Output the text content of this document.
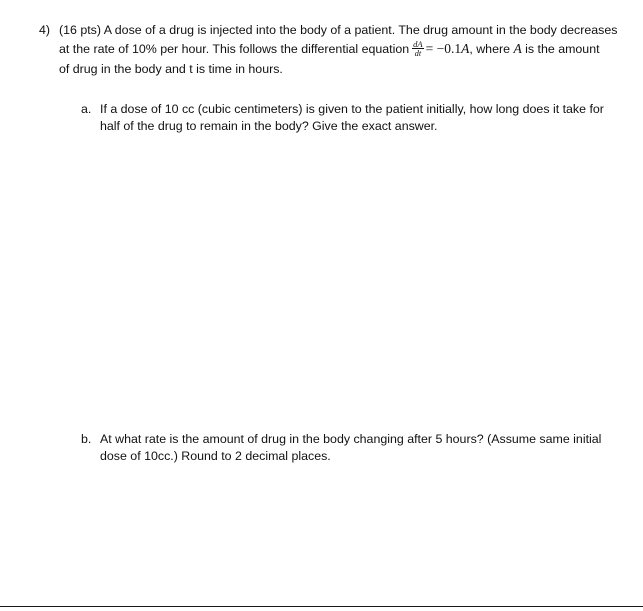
4) (16 pts) A dose of a drug is injected into the body of a patient. The drug amount in the body decreases
at the rate of 10% per hour. This follows the differential equation $\frac{dA}{dt} = -0.1A$, where A is the amount
of drug in the body and t is time in hours.
a. If a dose of 10 cc (cubic centimeters) is given to the patient initially, how long does it take for
half of the drug to remain in the body? Give the exact answer.
b. At what rate is the amount of drug in the body changing after 5 hours? (Assume same initial
dose of 10cc.) Round to 2 decimal places.
